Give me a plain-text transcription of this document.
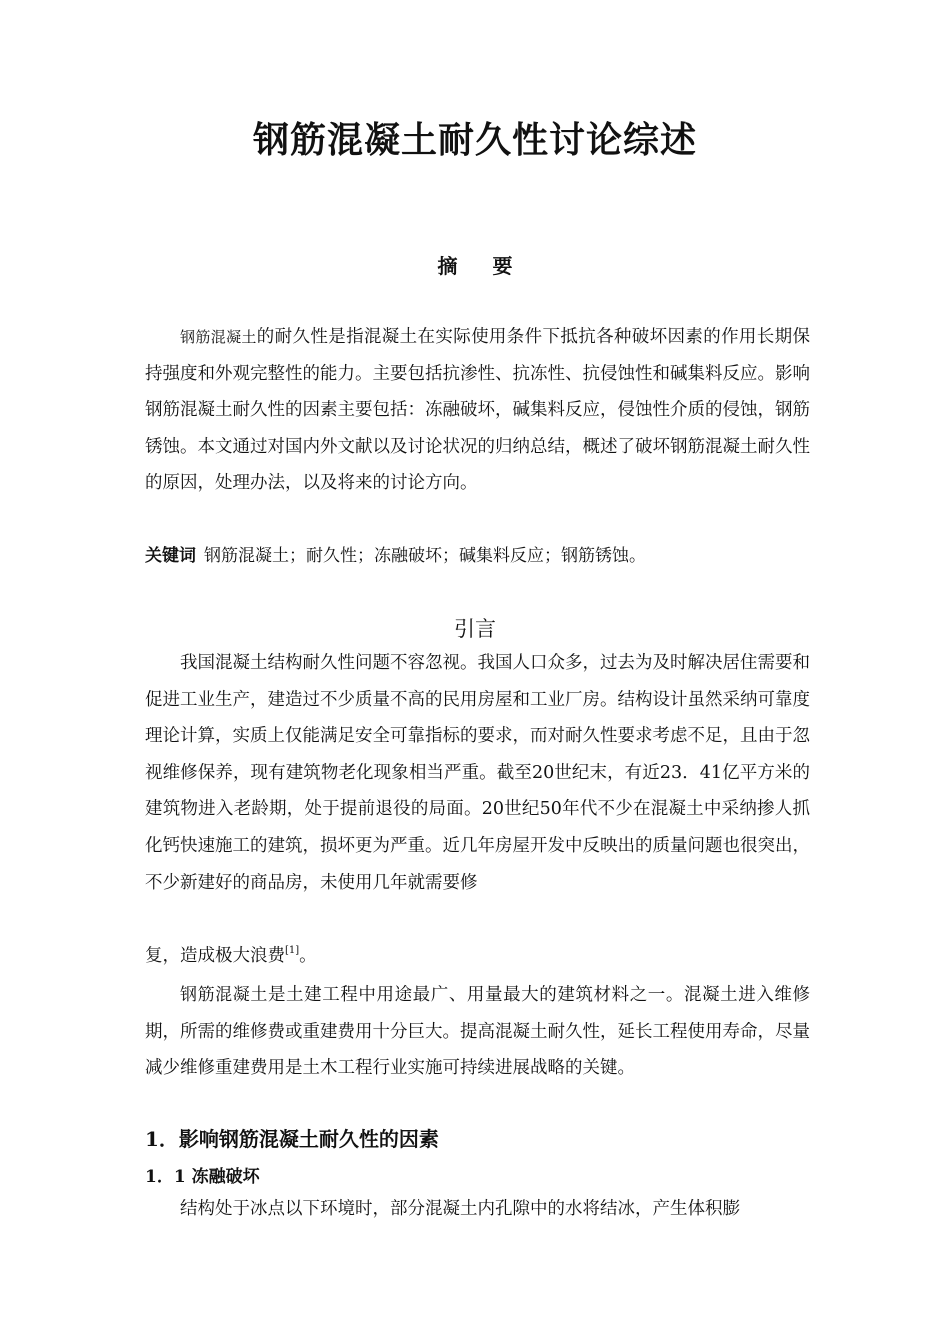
钢筋混凝土耐久性讨论综述
摘 要
钢筋混凝土的耐久性是指混凝土在实际使用条件下抵抗各种破坏因素的作用长期保持强度和外观完整性的能力。主要包括抗渗性、抗冻性、抗侵蚀性和碱集料反应。影响钢筋混凝土耐久性的因素主要包括：冻融破坏，碱集料反应，侵蚀性介质的侵蚀，钢筋锈蚀。本文通过对国内外文献以及讨论状况的归纳总结，概述了破坏钢筋混凝土耐久性的原因，处理办法，以及将来的讨论方向。
关键词 钢筋混凝土；耐久性；冻融破坏；碱集料反应；钢筋锈蚀。
引言
我国混凝土结构耐久性问题不容忽视。我国人口众多，过去为及时解决居住需要和促进工业生产，建造过不少质量不高的民用房屋和工业厂房。结构设计虽然采纳可靠度理论计算，实质上仅能满足安全可靠指标的要求，而对耐久性要求考虑不足，且由于忽视维修保养，现有建筑物老化现象相当严重。截至20世纪末，有近23．41亿平方米的建筑物进入老龄期，处于提前退役的局面。20世纪50年代不少在混凝土中采纳掺人抓化钙快速施工的建筑，损坏更为严重。近几年房屋开发中反映出的质量问题也很突出，不少新建好的商品房，未使用几年就需要修
复，造成极大浪费[1]。
钢筋混凝土是土建工程中用途最广、用量最大的建筑材料之一。混凝土进入维修期，所需的维修费或重建费用十分巨大。提高混凝土耐久性，延长工程使用寿命，尽量减少维修重建费用是土木工程行业实施可持续进展战略的关键。
1．影响钢筋混凝土耐久性的因素
1．1 冻融破坏
结构处于冰点以下环境时，部分混凝土内孔隙中的水将结冰，产生体积膨
